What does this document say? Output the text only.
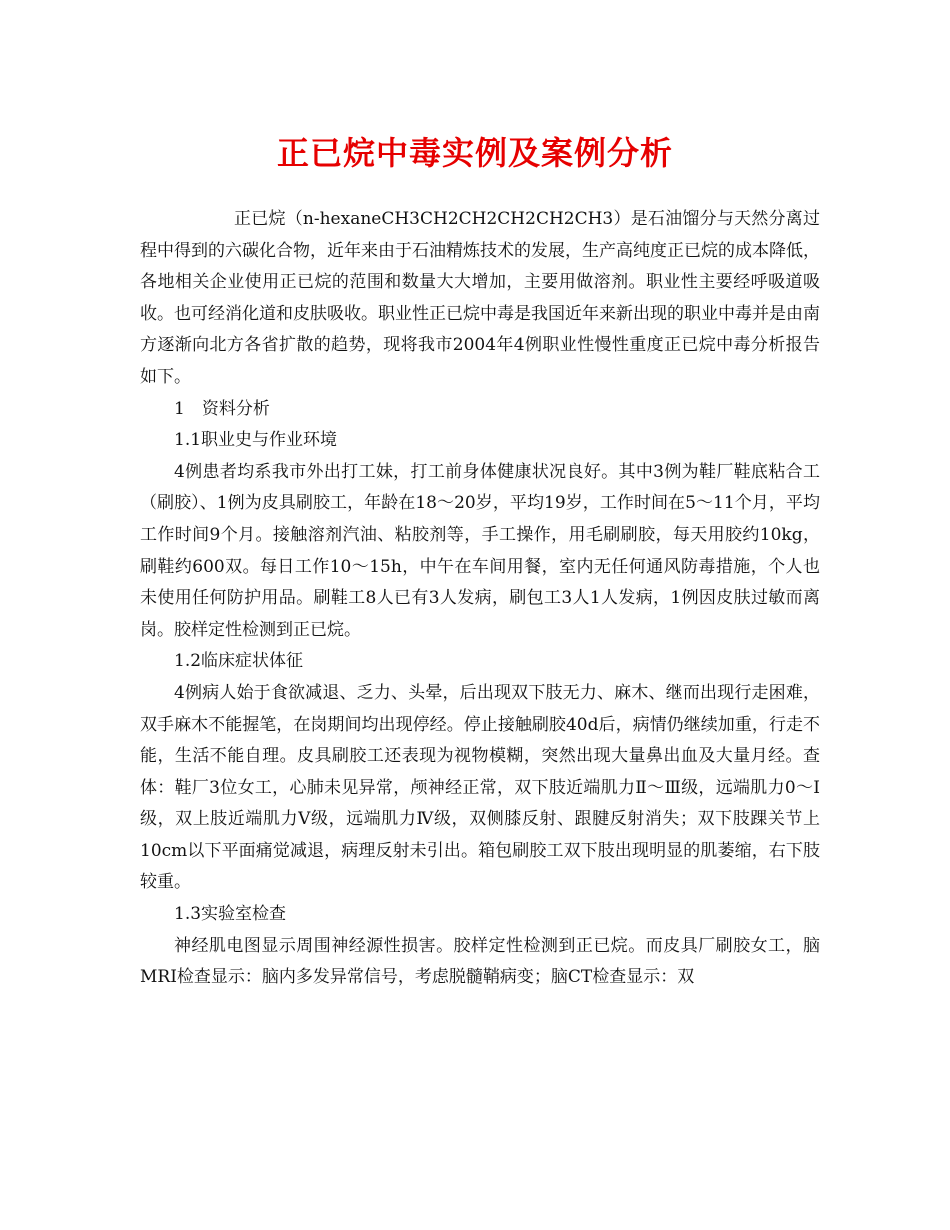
正已烷中毒实例及案例分析

正已烷（n-hexaneCH3CH2CH2CH2CH2CH3）是石油馏分与天然分离过程中得到的六碳化合物，近年来由于石油精炼技术的发展，生产高纯度正已烷的成本降低，各地相关企业使用正已烷的范围和数量大大增加，主要用做溶剂。职业性主要经呼吸道吸收。也可经消化道和皮肤吸收。职业性正已烷中毒是我国近年来新出现的职业中毒并是由南方逐渐向北方各省扩散的趋势，现将我市2004年4例职业性慢性重度正已烷中毒分析报告如下。

1　资料分析

1.1职业史与作业环境

4例患者均系我市外出打工妹，打工前身体健康状况良好。其中3例为鞋厂鞋底粘合工（刷胶）、1例为皮具刷胶工，年龄在18～20岁，平均19岁，工作时间在5～11个月，平均工作时间9个月。接触溶剂汽油、粘胶剂等，手工操作，用毛刷刷胶，每天用胶约10kg，刷鞋约600双。每日工作10～15h，中午在车间用餐，室内无任何通风防毒措施，个人也未使用任何防护用品。刷鞋工8人已有3人发病，刷包工3人1人发病，1例因皮肤过敏而离岗。胶样定性检测到正已烷。

1.2临床症状体征

4例病人始于食欲减退、乏力、头晕，后出现双下肢无力、麻木、继而出现行走困难，双手麻木不能握笔，在岗期间均出现停经。停止接触刷胶40d后，病情仍继续加重，行走不能，生活不能自理。皮具刷胶工还表现为视物模糊，突然出现大量鼻出血及大量月经。查体：鞋厂3位女工，心肺未见异常，颅神经正常，双下肢近端肌力Ⅱ～Ⅲ级，远端肌力0～Ⅰ级，双上肢近端肌力Ⅴ级，远端肌力Ⅳ级，双侧膝反射、跟腱反射消失；双下肢踝关节上10cm以下平面痛觉减退，病理反射未引出。箱包刷胶工双下肢出现明显的肌萎缩，右下肢较重。

1.3实验室检查

神经肌电图显示周围神经源性损害。胶样定性检测到正已烷。而皮具厂刷胶女工，脑MRI检查显示：脑内多发异常信号，考虑脱髓鞘病变；脑CT检查显示：双
